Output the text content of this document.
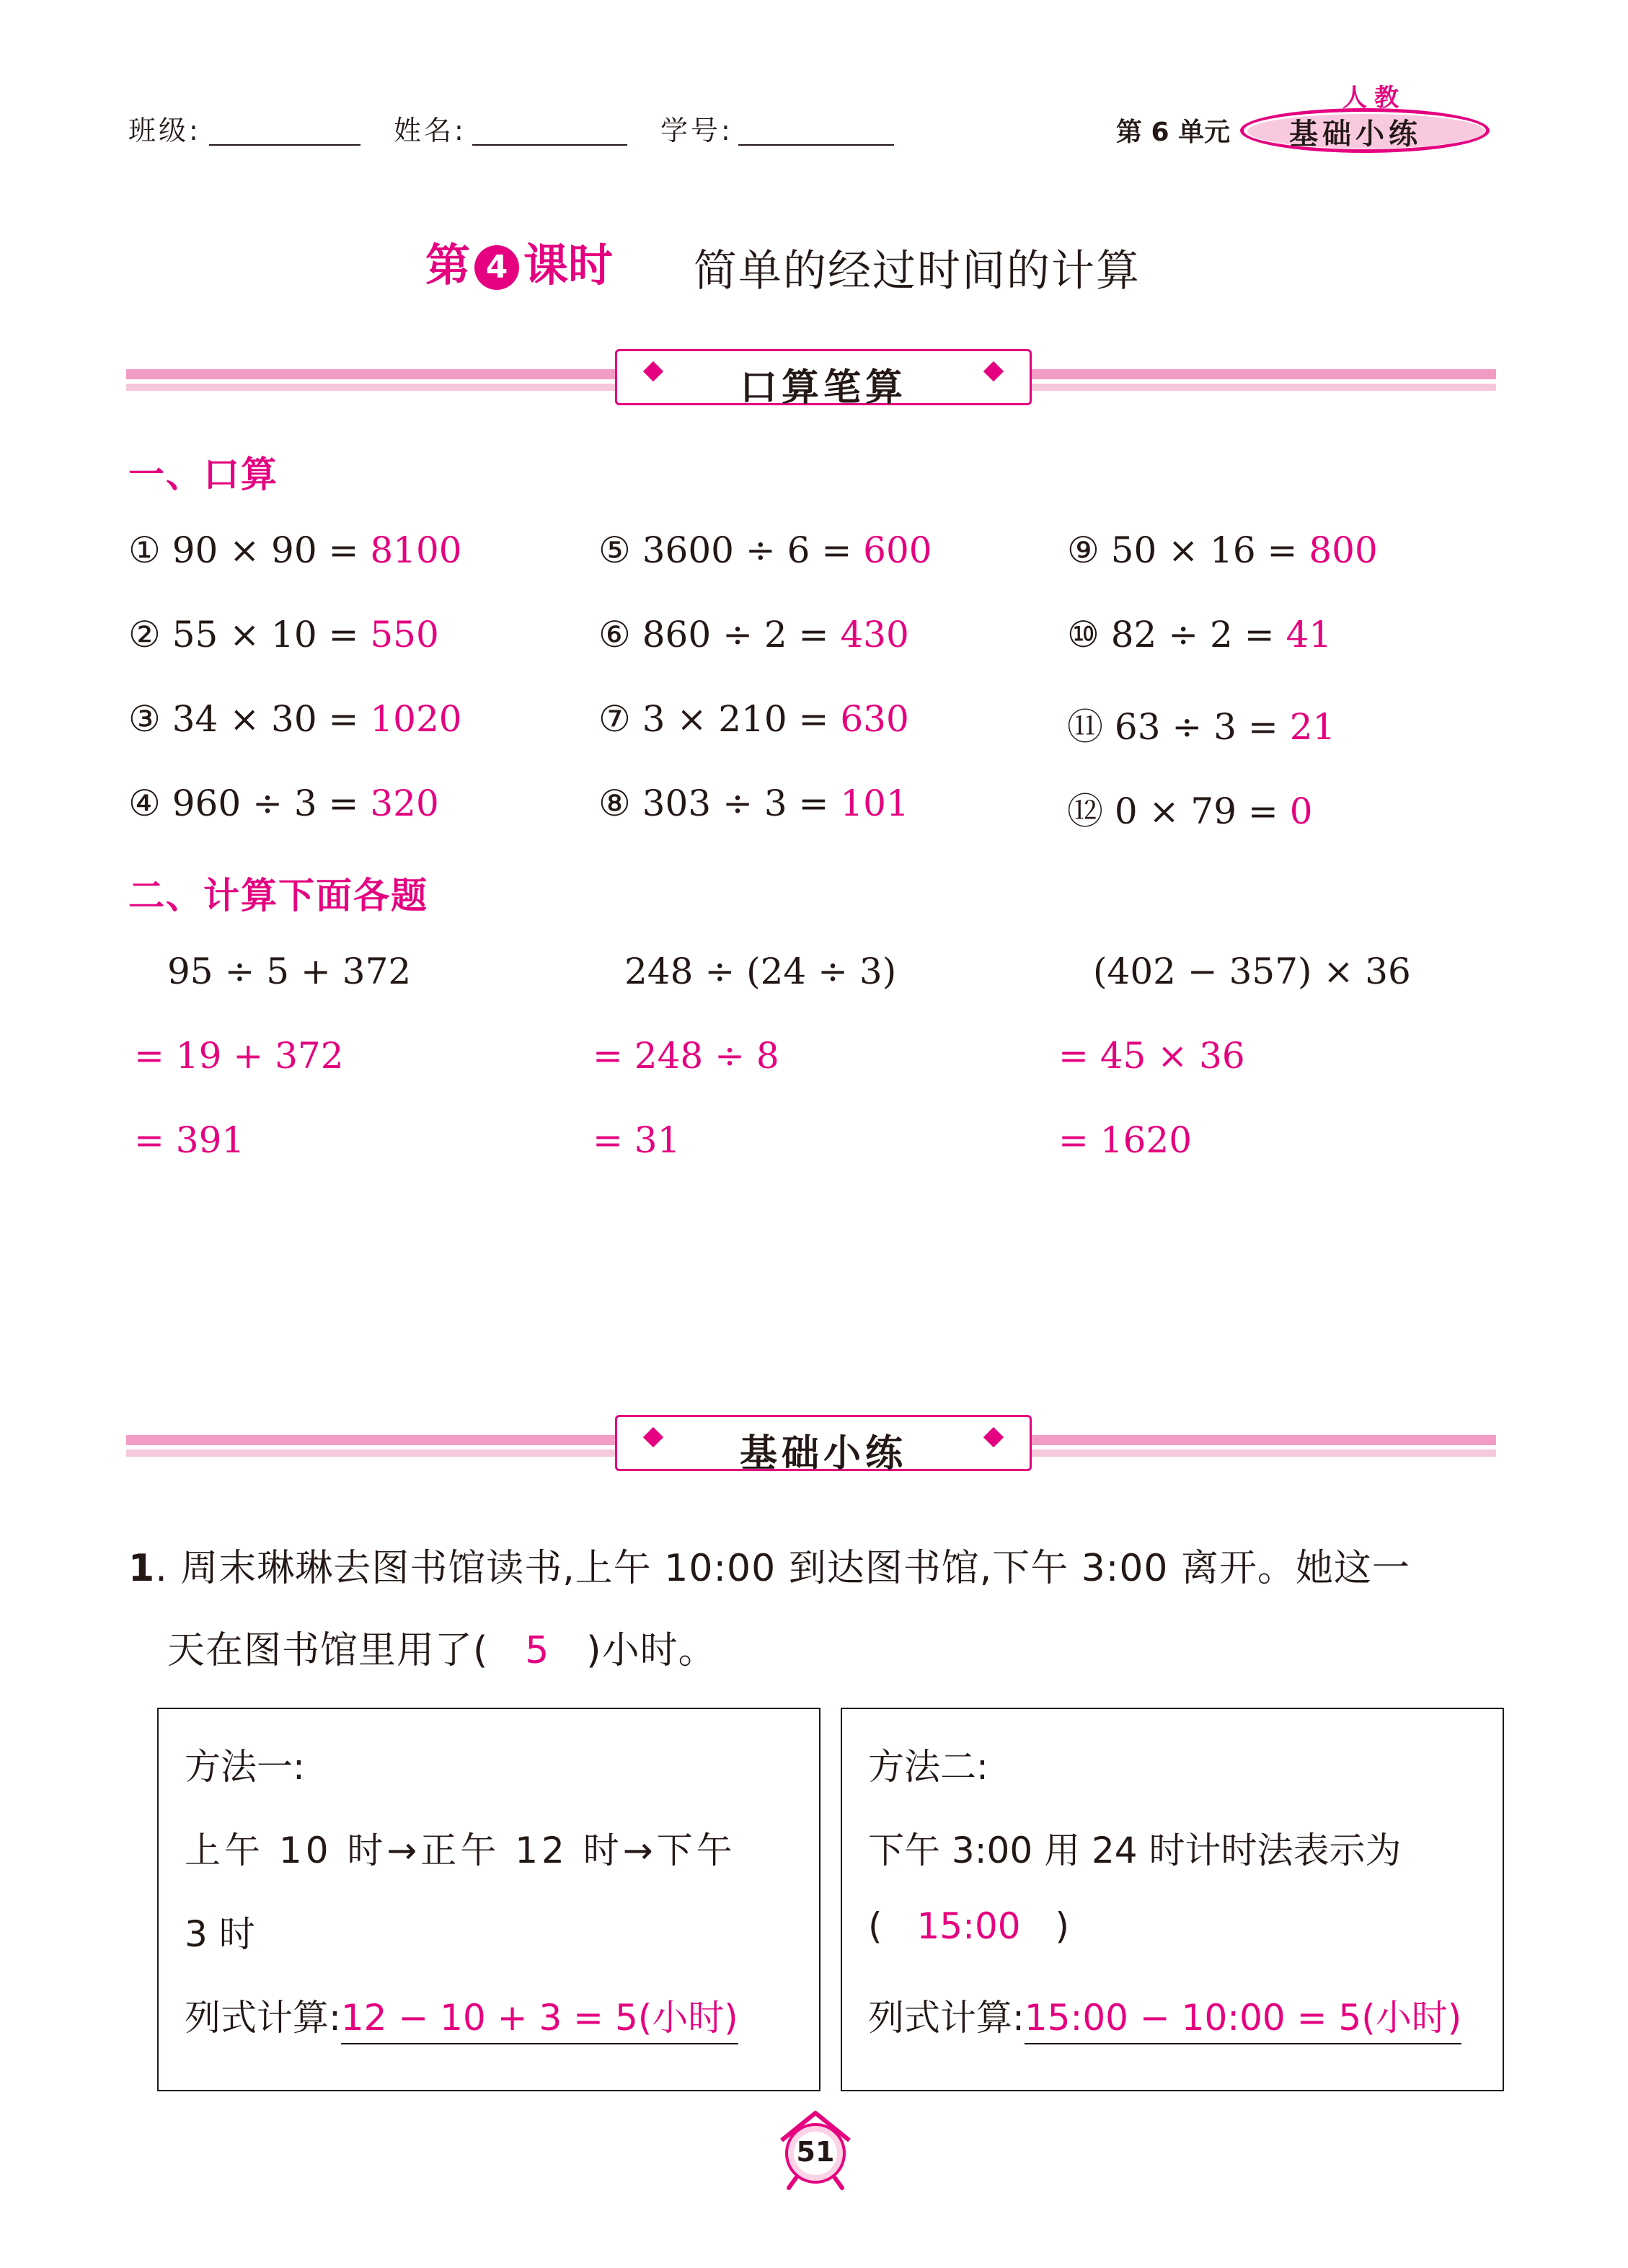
班级:	姓名:	学号:	第 6 单元
人教
基础小练
第 4 课时 简单的经过时间的计算
口算笔算
一、口算
① 90 × 90 = 8100
② 55 × 10 = 550
③ 34 × 30 = 1020
④ 960 ÷ 3 = 320
⑤ 3600 ÷ 6 = 600
⑥ 860 ÷ 2 = 430
⑦ 3 × 210 = 630
⑧ 303 ÷ 3 = 101
⑨ 50 × 16 = 800
⑩ 82 ÷ 2 = 41
⑪ 63 ÷ 3 = 21
⑫ 0 × 79 = 0
二、计算下面各题
95 ÷ 5 + 372
= 19 + 372
= 391
248 ÷ (24 ÷ 3)
= 248 ÷ 8
= 31
(402 − 357) × 36
= 45 × 36
= 1620
基础小练
1. 周末琳琳去图书馆读书,上午 10:00 到达图书馆,下午 3:00 离开。她这一
天在图书馆里用了( 5 )小时。
方法一:
上午 10 时→正午 12 时→下午
3 时
列式计算:12 − 10 + 3 = 5(小时)
方法二:
下午 3:00 用 24 时计时法表示为
( 15:00 )
列式计算:15:00 − 10:00 = 5(小时)
51
